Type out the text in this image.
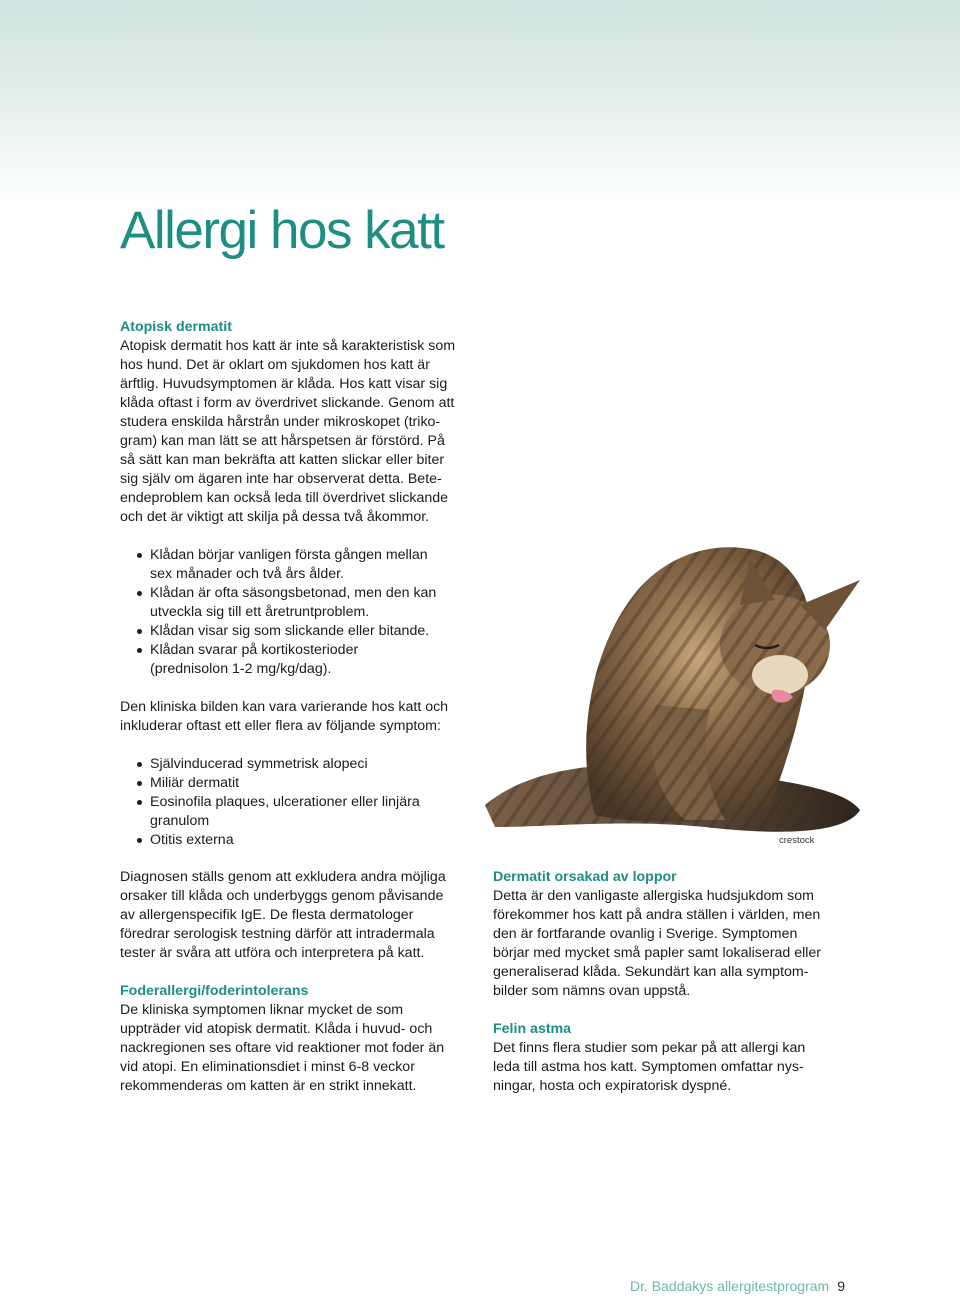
Allergi hos katt
Atopisk dermatit

Atopisk dermatit hos katt är inte så karakteristisk som
hos hund. Det är oklart om sjukdomen hos katt är
ärftlig. Huvudsymptomen är klåda. Hos katt visar sig
klåda oftast i form av överdrivet slickande. Genom att
studera enskilda hårstrån under mikroskopet (triko-
gram) kan man lätt se att hårspetsen är förstörd. På
så sätt kan man bekräfta att katten slickar eller biter
sig själv om ägaren inte har observerat detta. Bete-
endeproblem kan också leda till överdrivet slickande
och det är viktigt att skilja på dessa två åkommor.

Klådan börjar vanligen första gången mellan
sex månader och två års ålder.
Klådan är ofta säsongsbetonad, men den kan
utveckla sig till ett åretruntproblem.
Klådan visar sig som slickande eller bitande.
Klådan svarar på kortikosterioder
(prednisolon 1-2 mg/kg/dag).

Den kliniska bilden kan vara varierande hos katt och
inkluderar oftast ett eller flera av följande symptom:

Självinducerad symmetrisk alopeci
Miliär dermatit
Eosinofila plaques, ulcerationer eller linjära
granulom
Otitis externa	crestock

Diagnosen ställs genom att exkludera andra möjliga
orsaker till klåda och underbyggs genom påvisande
av allergenspecifik IgE. De flesta dermatologer
föredrar serologisk testning därför att intradermala
tester är svåra att utföra och interpretera på katt.

Foderallergi/foderintolerans

De kliniska symptomen liknar mycket de som
uppträder vid atopisk dermatit. Klåda i huvud- och
nackregionen ses oftare vid reaktioner mot foder än
vid atopi. En eliminationsdiet i minst 6-8 veckor
rekommenderas om katten är en strikt innekatt.

Dermatit orsakad av loppor

Detta är den vanligaste allergiska hudsjukdom som
förekommer hos katt på andra ställen i världen, men
den är fortfarande ovanlig i Sverige. Symptomen
börjar med mycket små papler samt lokaliserad eller
generaliserad klåda. Sekundärt kan alla symptom-
bilder som nämns ovan uppstå.

Felin astma

Det finns flera studier som pekar på att allergi kan
leda till astma hos katt. Symptomen omfattar nys-
ningar, hosta och expiratorisk dyspné.

Dr. Baddakys allergitestprogram 9
